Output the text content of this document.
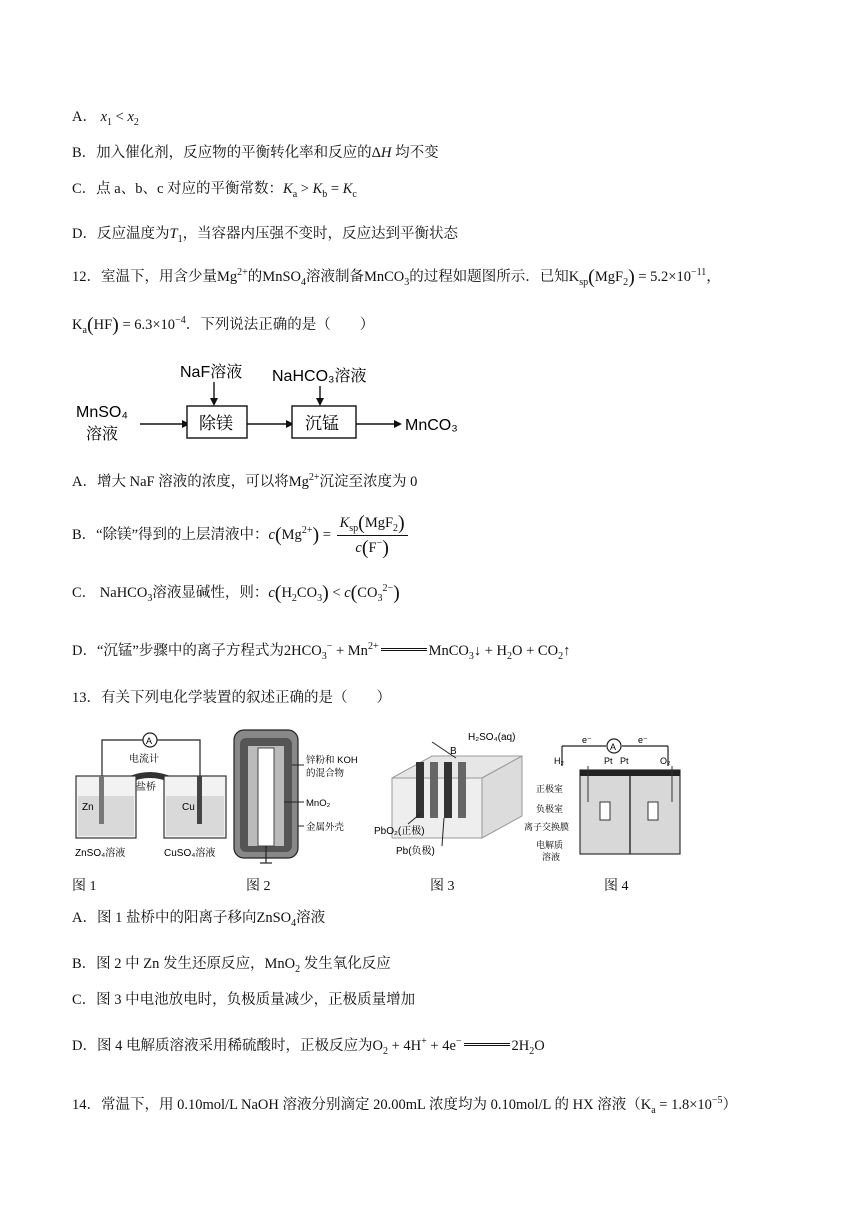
A． $x_1 < x_2$
B．加入催化剂，反应物的平衡转化率和反应的ΔH 均不变
C．点 a、b、c 对应的平衡常数：$K_a > K_b = K_c$
D．反应温度为$T_1$，当容器内压强不变时，反应达到平衡状态
12．室温下，用含少量$Mg^{2+}$的MnSO$_4$溶液制备MnCO$_3$的过程如题图所示．已知$K_{sp}(MgF_2) = 5.2\times 10^{-11}$，
$K_a(HF) = 6.3\times 10^{-4}$．下列说法正确的是（　　）
MnSO₄
溶液
NaF溶液
除镁
NaHCO₃溶液
沉锰	MnCO₃
A．增大 NaF 溶液的浓度，可以将$Mg^{2+}$沉淀至浓度为 0
B．“除镁”得到的上层清液中：$c(Mg^{2+}) = \frac{K_{sp}(MgF_2)}{c(F^-)}$
C． NaHCO$_3$溶液显碱性，则：$c(H_2CO_3) < c(CO_3^{2-})$
D．“沉锰”步骤中的离子方程式为$2HCO_3^- + Mn^{2+}$	MnCO$_3$↓ + $H_2O$ + $CO_2↑$
13．有关下列电化学装置的叙述正确的是（　　）
A
电流计
盐桥
Zn	Cu
ZnSO₄溶液	CuSO₄溶液
锌粉和 KOH
的混合物
MnO₂
金属外壳
B
H₂SO₄(aq)
PbO₂(正极)
Pb(负极)
A
e⁻	e⁻
H₂	Pt Pt	O₂
正极室
负极室
离子交换膜
电解质
溶液
图 1	图 2	图 3	图 4
A．图 1 盐桥中的阳离子移向ZnSO$_4$溶液
B．图 2 中 Zn 发生还原反应，MnO$_2$ 发生氧化反应
C．图 3 中电池放电时，负极质量减少，正极质量增加
D．图 4 电解质溶液采用稀硫酸时，正极反应为$O_2 + 4H^+ + 4e^-$	$2H_2O$
14．常温下，用 0.10mol/L NaOH 溶液分别滴定 20.00mL 浓度均为 0.10mol/L 的 HX 溶液$(K_a = 1.8\times 10^{-5})$
